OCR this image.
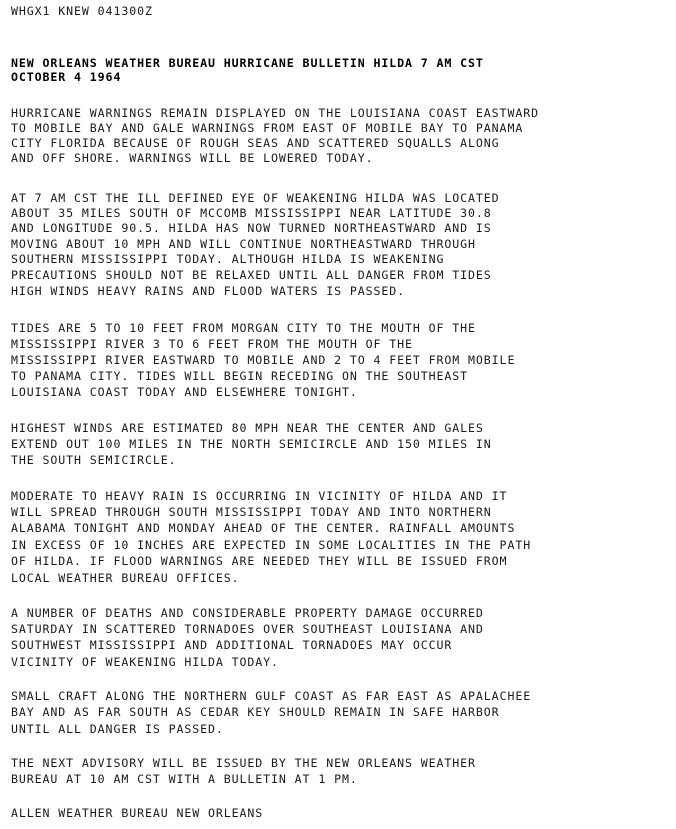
WHGX1 KNEW 041300Z
NEW ORLEANS WEATHER BUREAU HURRICANE BULLETIN HILDA 7 AM CST
OCTOBER 4 1964
HURRICANE WARNINGS REMAIN DISPLAYED ON THE LOUISIANA COAST EASTWARD
TO MOBILE BAY AND GALE WARNINGS FROM EAST OF MOBILE BAY TO PANAMA
CITY FLORIDA BECAUSE OF ROUGH SEAS AND SCATTERED SQUALLS ALONG
AND OFF SHORE. WARNINGS WILL BE LOWERED TODAY.
AT 7 AM CST THE ILL DEFINED EYE OF WEAKENING HILDA WAS LOCATED
ABOUT 35 MILES SOUTH OF MCCOMB MISSISSIPPI NEAR LATITUDE 30.8
AND LONGITUDE 90.5. HILDA HAS NOW TURNED NORTHEASTWARD AND IS
MOVING ABOUT 10 MPH AND WILL CONTINUE NORTHEASTWARD THROUGH
SOUTHERN MISSISSIPPI TODAY. ALTHOUGH HILDA IS WEAKENING
PRECAUTIONS SHOULD NOT BE RELAXED UNTIL ALL DANGER FROM TIDES
HIGH WINDS HEAVY RAINS AND FLOOD WATERS IS PASSED.
TIDES ARE 5 TO 10 FEET FROM MORGAN CITY TO THE MOUTH OF THE
MISSISSIPPI RIVER 3 TO 6 FEET FROM THE MOUTH OF THE
MISSISSIPPI RIVER EASTWARD TO MOBILE AND 2 TO 4 FEET FROM MOBILE
TO PANAMA CITY. TIDES WILL BEGIN RECEDING ON THE SOUTHEAST
LOUISIANA COAST TODAY AND ELSEWHERE TONIGHT.
HIGHEST WINDS ARE ESTIMATED 80 MPH NEAR THE CENTER AND GALES
EXTEND OUT 100 MILES IN THE NORTH SEMICIRCLE AND 150 MILES IN
THE SOUTH SEMICIRCLE.
MODERATE TO HEAVY RAIN IS OCCURRING IN VICINITY OF HILDA AND IT
WILL SPREAD THROUGH SOUTH MISSISSIPPI TODAY AND INTO NORTHERN
ALABAMA TONIGHT AND MONDAY AHEAD OF THE CENTER. RAINFALL AMOUNTS
IN EXCESS OF 10 INCHES ARE EXPECTED IN SOME LOCALITIES IN THE PATH
OF HILDA. IF FLOOD WARNINGS ARE NEEDED THEY WILL BE ISSUED FROM
LOCAL WEATHER BUREAU OFFICES.
A NUMBER OF DEATHS AND CONSIDERABLE PROPERTY DAMAGE OCCURRED
SATURDAY IN SCATTERED TORNADOES OVER SOUTHEAST LOUISIANA AND
SOUTHWEST MISSISSIPPI AND ADDITIONAL TORNADOES MAY OCCUR
VICINITY OF WEAKENING HILDA TODAY.
SMALL CRAFT ALONG THE NORTHERN GULF COAST AS FAR EAST AS APALACHEE
BAY AND AS FAR SOUTH AS CEDAR KEY SHOULD REMAIN IN SAFE HARBOR
UNTIL ALL DANGER IS PASSED.
THE NEXT ADVISORY WILL BE ISSUED BY THE NEW ORLEANS WEATHER
BUREAU AT 10 AM CST WITH A BULLETIN AT 1 PM.
ALLEN WEATHER BUREAU NEW ORLEANS
